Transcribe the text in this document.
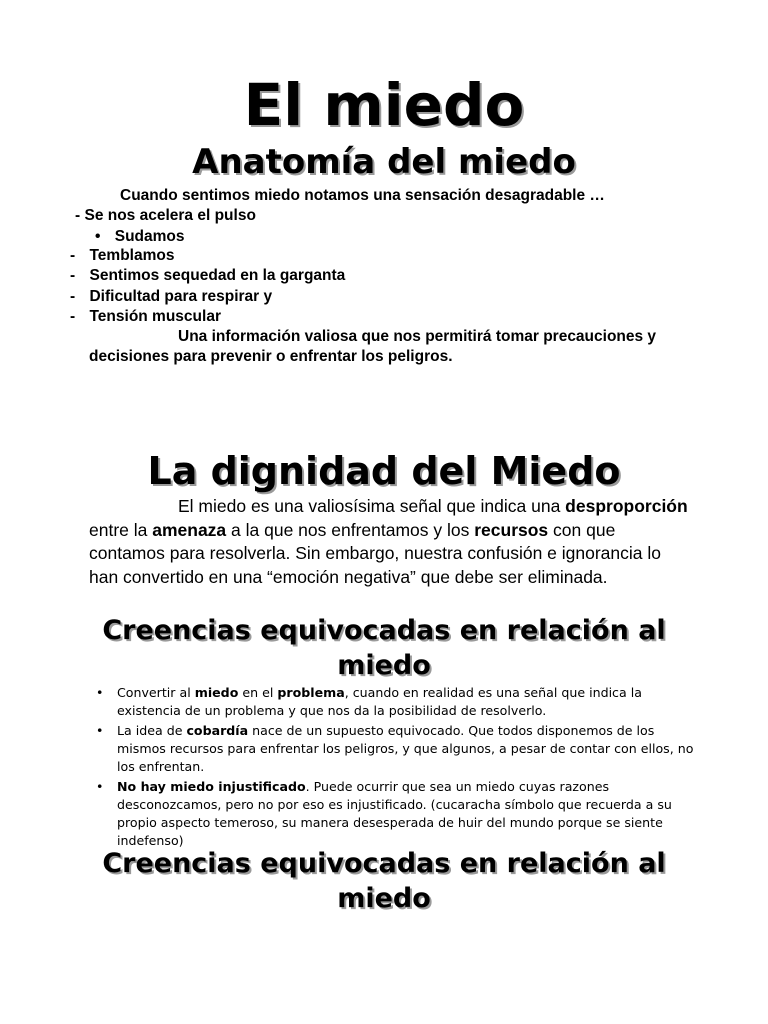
El miedo
Anatomía del miedo
Cuando sentimos miedo notamos una sensación desagradable …
- Se nos acelera el pulso
• Sudamos
- Temblamos
- Sentimos sequedad en la garganta
- Dificultad para respirar y
- Tensión muscular
Una información valiosa que nos permitirá tomar precauciones y
decisiones para prevenir o enfrentar los peligros.
La dignidad del Miedo

El miedo es una valiosísima señal que indica una desproporción entre la amenaza a la que nos enfrentamos y los recursos con que contamos para resolverla. Sin embargo, nuestra confusión e ignorancia lo han convertido en una “emoción negativa” que debe ser eliminada.

Creencias equivocadas en relación al miedo
• Convertir al miedo en el problema, cuando en realidad es una señal que indica la existencia de un problema y que nos da la posibilidad de resolverlo.
• La idea de cobardía nace de un supuesto equivocado. Que todos disponemos de los mismos recursos para enfrentar los peligros, y que algunos, a pesar de contar con ellos, no los enfrentan.
• No hay miedo injustificado. Puede ocurrir que sea un miedo cuyas razones desconozcamos, pero no por eso es injustificado. (cucaracha símbolo que recuerda a su propio aspecto temeroso, su manera desesperada de huir del mundo porque se siente indefenso)
Creencias equivocadas en relación al miedo
